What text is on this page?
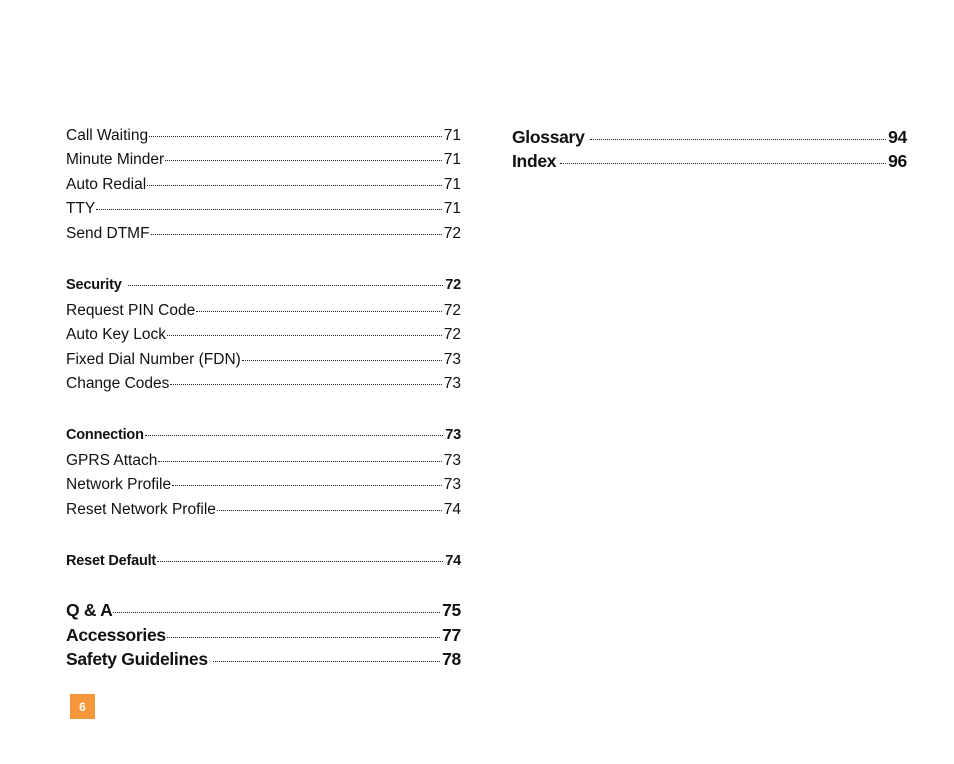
Call Waiting	71
Minute Minder	71
Auto Redial	71
TTY	71
Send DTMF	72
Security	72
Request PIN Code	72
Auto Key Lock	72
Fixed Dial Number (FDN)	73
Change Codes	73
Connection	73
GPRS Attach	73
Network Profile	73
Reset Network Profile	74
Reset Default	74
Q & A	75
Accessories	77
Safety Guidelines	78
Glossary	94
Index	96
6
